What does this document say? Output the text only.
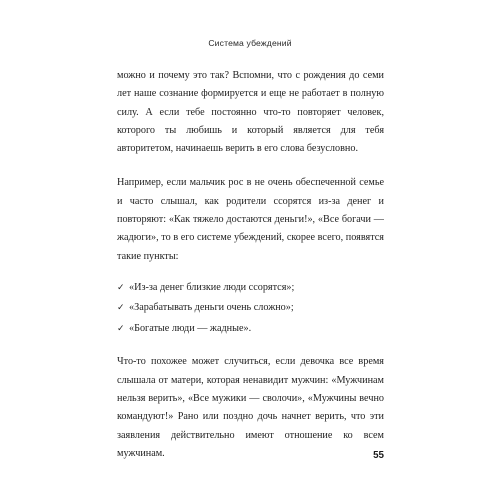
Система убеждений

можно и почему это так? Вспомни, что с рождения до семи лет наше сознание формируется и еще не работает в полную силу. А если тебе постоянно что-то повторяет человек, которого ты любишь и который является для тебя авторитетом, начинаешь верить в его слова безусловно.

Например, если мальчик рос в не очень обеспеченной семье и часто слышал, как родители ссорятся из-за денег и повторяют: «Как тяжело достаются деньги!», «Все богачи — жадюги», то в его системе убеждений, скорее всего, появятся такие пункты:

✓ «Из-за денег близкие люди ссорятся»;
✓ «Зарабатывать деньги очень сложно»;
✓ «Богатые люди — жадные».

Что-то похожее может случиться, если девочка все время слышала от матери, которая ненавидит мужчин: «Мужчинам нельзя верить», «Все мужики — сволочи», «Мужчины вечно командуют!» Рано или поздно дочь начнет верить, что эти заявления действительно имеют отношение ко всем мужчинам.	55
